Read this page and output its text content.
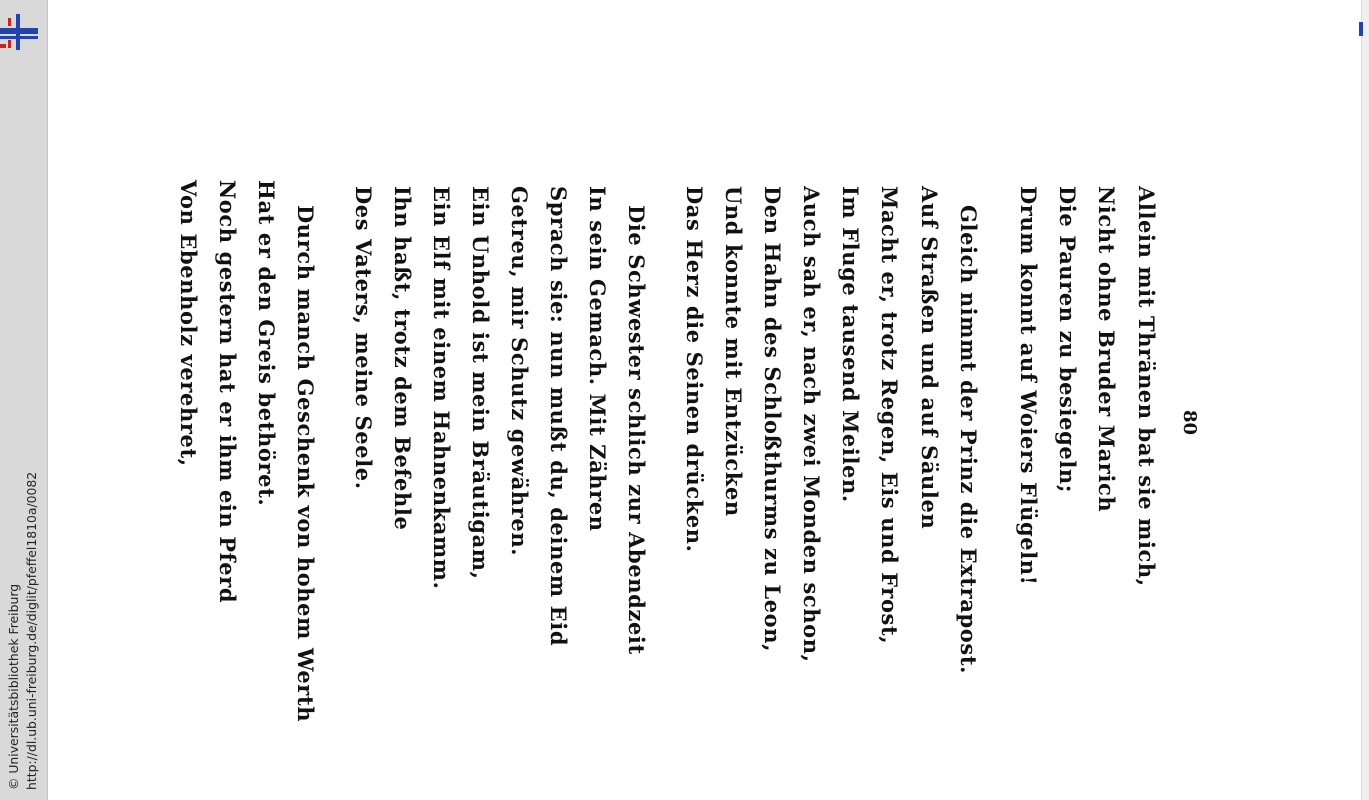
http://dl.ub.uni-freiburg.de/diglit/pfeffel1810a/0082
© Universitätsbibliothek Freiburg
80
Allein mit Thränen bat sie mich,
Nicht ohne Bruder Marich
Die Pauren zu besiegeln;
Drum konnt auf Woiers Flügeln!
Gleich nimmt der Prinz die Extrapost.
Auf Straßen und auf Säulen
Macht er, trotz Regen, Eis und Frost,
Im Fluge tausend Meilen.
Auch sah er, nach zwei Monden schon,
Den Hahn des Schloßthurms zu Leon,
Und konnte mit Entzücken
Das Herz die Seinen drücken.
Die Schwester schlich zur Abendzeit
In sein Gemach. Mit Zähren
Sprach sie: nun mußt du, deinem Eid
Getreu, mir Schutz gewähren.
Ein Unhold ist mein Bräutigam,
Ein Elf mit einem Hahnenkamm.
Ihn haßt, trotz dem Befehle
Des Vaters, meine Seele.
Durch manch Geschenk von hohem Werth
Hat er den Greis bethöret.
Noch gestern hat er ihm ein Pferd
Von Ebenholz verehret,
